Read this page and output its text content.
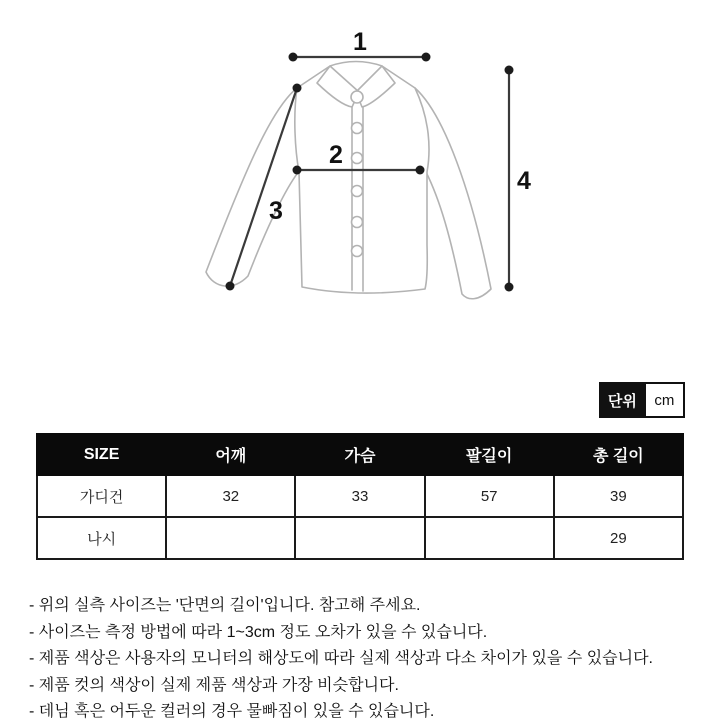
1
2
3
4
단위	cm
SIZE	어깨	가슴	팔길이	총 길이
가디건	32	33	57	39
나시				29
- 위의 실측 사이즈는 '단면의 길이'입니다. 참고해 주세요.
- 사이즈는 측정 방법에 따라 1~3cm 정도 오차가 있을 수 있습니다.
- 제품 색상은 사용자의 모니터의 해상도에 따라 실제 색상과 다소 차이가 있을 수 있습니다.
- 제품 컷의 색상이 실제 제품 색상과 가장 비슷합니다.
- 데님 혹은 어두운 컬러의 경우 물빠짐이 있을 수 있습니다.
